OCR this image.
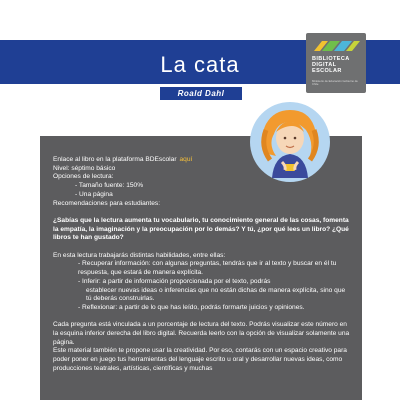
La cata
Roald Dahl
BIBLIOTECA
DIGITAL
ESCOLAR
Ministerio de Educación Gobierno de Chile

Enlace al libro en la plataforma BDEscolar aquí

Nivel: séptimo básico

Opciones de lectura:

- Tamaño fuente: 150%

- Una página

Recomendaciones para estudiantes:

¿Sabías que la lectura aumenta tu vocabulario, tu conocimiento general de las cosas, fomenta la empatía, la imaginación y la preocupación por lo demás? Y tú, ¿por qué lees un libro? ¿Qué libros te han gustado?

En esta lectura trabajarás distintas habilidades, entre ellas:

- Recuperar información: con algunas preguntas, tendrás que ir al texto y buscar en él tu respuesta, que estará de manera explícita.

- Inferir: a partir de información proporcionada por el texto, podrás

establecer nuevas ideas o inferencias que no están dichas de manera explícita, sino que tú deberás construirlas.

- Reflexionar: a partir de lo que has leído, podrás formarte juicios y opiniones.

Cada pregunta está vinculada a un porcentaje de lectura del texto. Podrás visualizar este número en la esquina inferior derecha del libro digital. Recuerda leerlo con la opción de visualizar solamente una página.

Este material también te propone usar la creatividad. Por eso, contarás con un espacio creativo para poder poner en juego tus herramientas del lenguaje escrito u oral y desarrollar nuevas ideas, como producciones teatrales, artísticas, científicas y muchas
